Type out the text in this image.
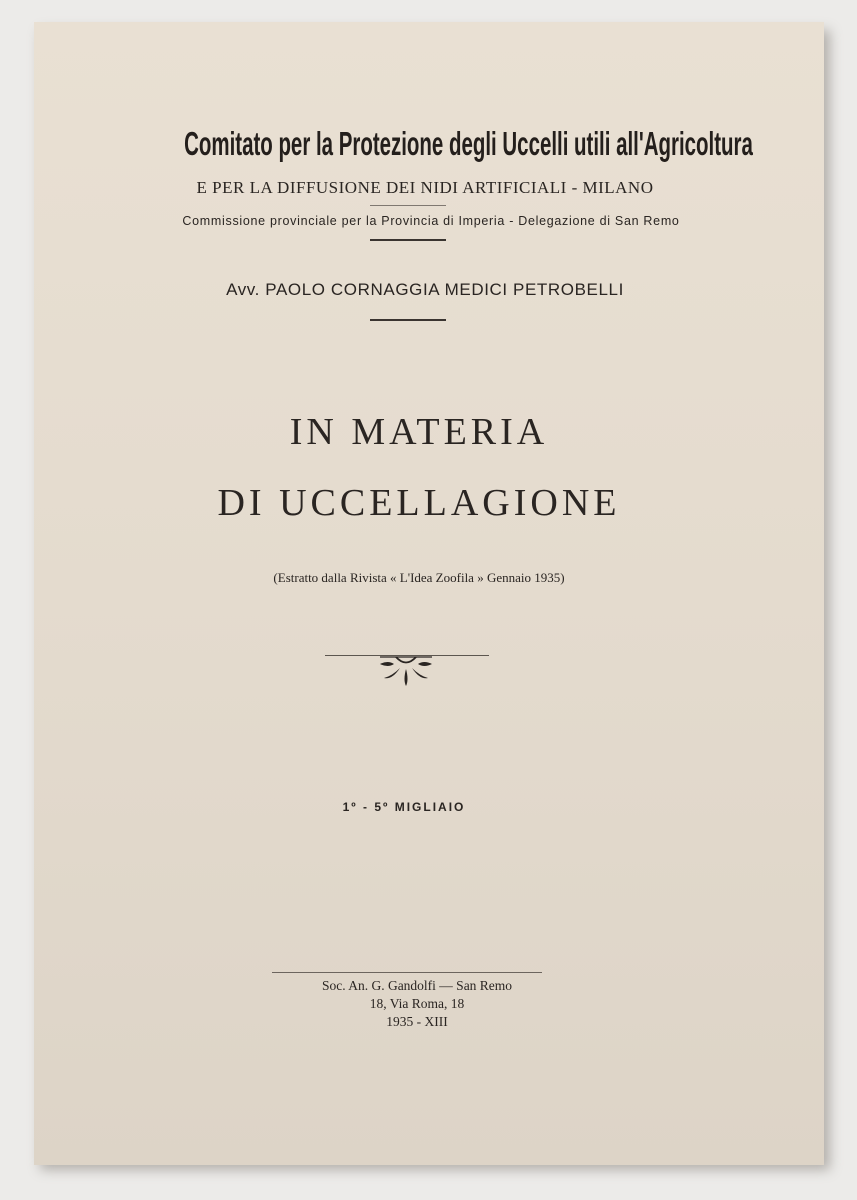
Comitato per la Protezione degli Uccelli utili all'Agricoltura
E PER LA DIFFUSIONE DEI NIDI ARTIFICIALI - MILANO
Commissione provinciale per la Provincia di Imperia - Delegazione di San Remo
Avv. PAOLO CORNAGGIA MEDICI PETROBELLI
IN MATERIA
DI UCCELLAGIONE
(Estratto dalla Rivista « L'Idea Zoofila » Gennaio 1935)
1º - 5º MIGLIAIO
Soc. An. G. Gandolfi — San Remo
18, Via Roma, 18
1935 - XIII
